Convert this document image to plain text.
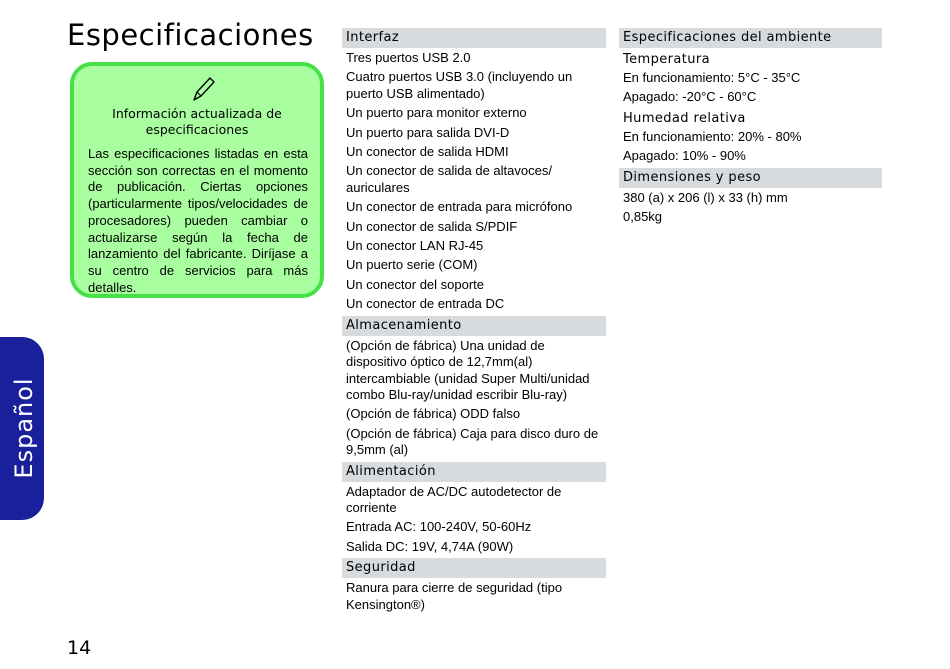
Especificaciones
Información actualizada de especificaciones
Las especificaciones listadas en esta sección son correctas en el momento de publicación. Ciertas opciones (particularmente tipos/velocidades de procesadores) pueden cambiar o actualizarse según la fecha de lanzamiento del fabricante. Diríjase a su centro de servicios para más detalles.
Español
14
Interfaz
Tres puertos USB 2.0
Cuatro puertos USB 3.0 (incluyendo un puerto USB alimentado)
Un puerto para monitor externo
Un puerto para salida DVI-D
Un conector de salida HDMI
Un conector de salida de altavoces/ auriculares
Un conector de entrada para micrófono
Un conector de salida S/PDIF
Un conector LAN RJ-45
Un puerto serie (COM)
Un conector del soporte
Un conector de entrada DC
Almacenamiento
(Opción de fábrica) Una unidad de dispositivo óptico de 12,7mm(al) intercambiable (unidad Super Multi/unidad combo Blu-ray/unidad escribir Blu-ray)
(Opción de fábrica) ODD falso
(Opción de fábrica) Caja para disco duro de 9,5mm (al)
Alimentación
Adaptador de AC/DC autodetector de corriente
Entrada AC: 100-240V, 50-60Hz
Salida DC: 19V, 4,74A (90W)
Seguridad
Ranura para cierre de seguridad (tipo Kensington®)
Especificaciones del ambiente
Temperatura
En funcionamiento: 5°C - 35°C
Apagado: -20°C - 60°C
Humedad relativa
En funcionamiento: 20% - 80%
Apagado: 10% - 90%
Dimensiones y peso
380 (a) x 206 (l) x 33 (h) mm
0,85kg
